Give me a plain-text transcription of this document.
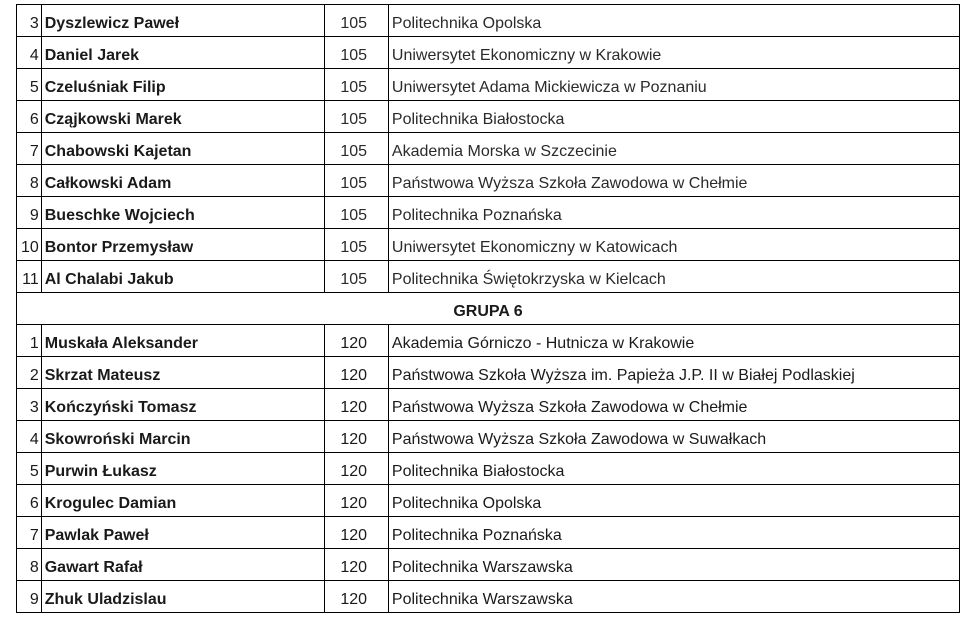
3	Dyszlewicz Paweł	105	Politechnika Opolska
4	Daniel Jarek	105	Uniwersytet Ekonomiczny w Krakowie
5	Czeluśniak Filip	105	Uniwersytet Adama Mickiewicza w Poznaniu
6	Cząjkowski Marek	105	Politechnika Białostocka
7	Chabowski Kajetan	105	Akademia Morska w Szczecinie
8	Całkowski Adam	105	Państwowa Wyższa Szkoła Zawodowa w Chełmie
9	Bueschke Wojciech	105	Politechnika Poznańska
10	Bontor Przemysław	105	Uniwersytet Ekonomiczny w Katowicach
11	Al Chalabi Jakub	105	Politechnika Świętokrzyska w Kielcach
GRUPA 6			
1	Muskała Aleksander	120	Akademia Górniczo - Hutnicza w Krakowie
2	Skrzat Mateusz	120	Państwowa Szkoła Wyższa im. Papieża J.P. II w Białej Podlaskiej
3	Kończyński Tomasz	120	Państwowa Wyższa Szkoła Zawodowa w Chełmie
4	Skowroński Marcin	120	Państwowa Wyższa Szkoła Zawodowa w Suwałkach
5	Purwin Łukasz	120	Politechnika Białostocka
6	Krogulec Damian	120	Politechnika Opolska
7	Pawlak Paweł	120	Politechnika Poznańska
8	Gawart Rafał	120	Politechnika Warszawska
9	Zhuk Uladzislau	120	Politechnika Warszawska
